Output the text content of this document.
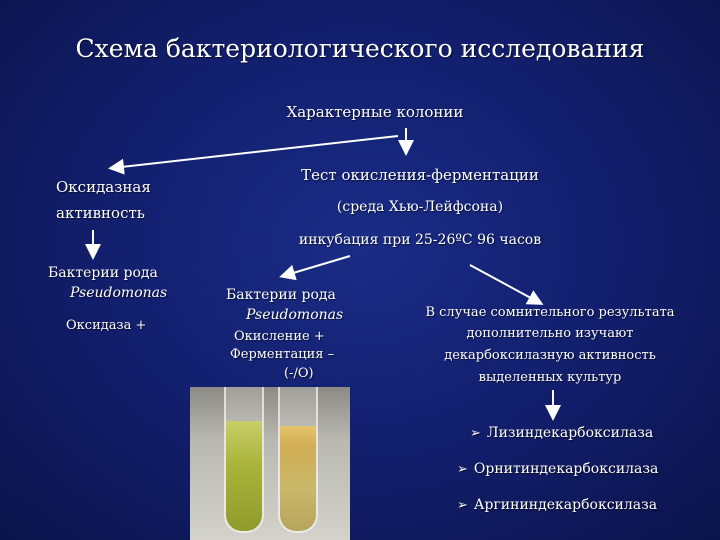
Схема бактериологического исследования
Характерные колонии
Оксидазная
активность
Бактерии рода
Pseudomonas
Оксидаза +
Тест окисления-ферментации
(среда Хью-Лейфсона)
инкубация при 25-26ºС 96 часов
Бактерии рода
Pseudomonas
Окисление +
Ферментация –
(-/О)
В случае сомнительного результата
дополнительно изучают
декарбоксилазную активность
выделенных культур
➢ Лизиндекарбоксилаза
➢ Орнитиндекарбоксилаза
➢ Аргининдекарбоксилаза
